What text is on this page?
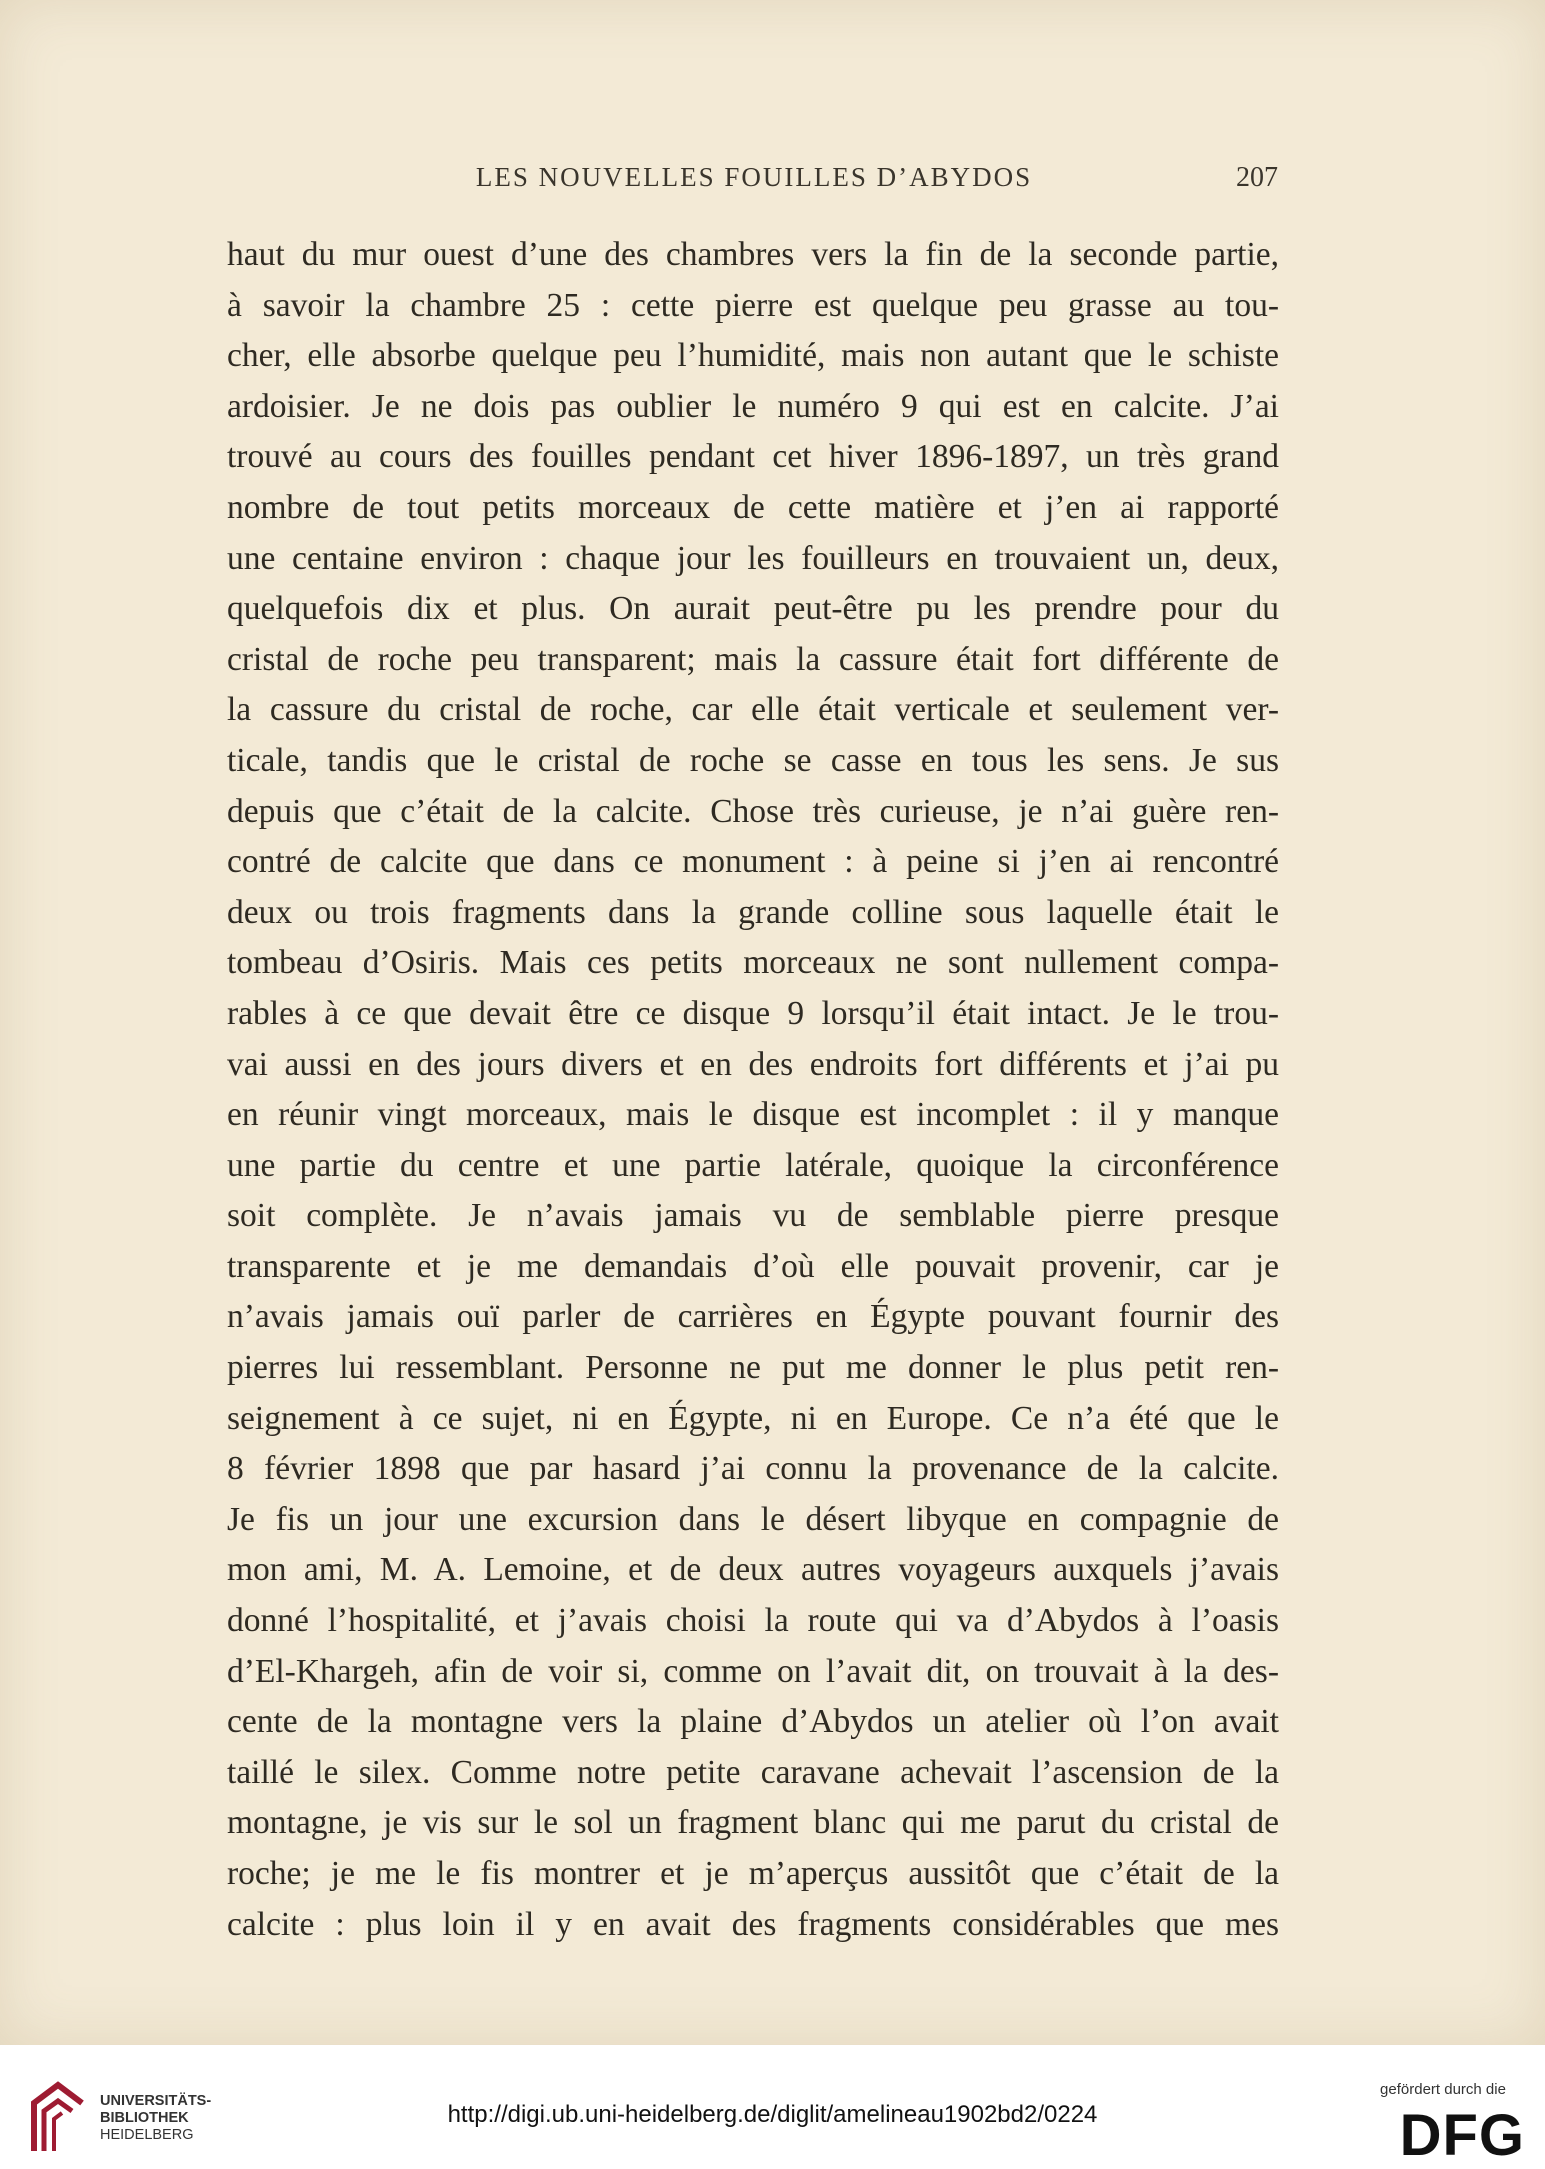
LES NOUVELLES FOUILLES D’ABYDOS	207
haut du mur ouest d’une des chambres vers la fin de la seconde partie,
à savoir la chambre 25 : cette pierre est quelque peu grasse au tou-
cher, elle absorbe quelque peu l’humidité, mais non autant que le schiste
ardoisier. Je ne dois pas oublier le numéro 9 qui est en calcite. J’ai
trouvé au cours des fouilles pendant cet hiver 1896-1897, un très grand
nombre de tout petits morceaux de cette matière et j’en ai rapporté
une centaine environ : chaque jour les fouilleurs en trouvaient un, deux,
quelquefois dix et plus. On aurait peut-être pu les prendre pour du
cristal de roche peu transparent; mais la cassure était fort différente de
la cassure du cristal de roche, car elle était verticale et seulement ver-
ticale, tandis que le cristal de roche se casse en tous les sens. Je sus
depuis que c’était de la calcite. Chose très curieuse, je n’ai guère ren-
contré de calcite que dans ce monument : à peine si j’en ai rencontré
deux ou trois fragments dans la grande colline sous laquelle était le
tombeau d’Osiris. Mais ces petits morceaux ne sont nullement compa-
rables à ce que devait être ce disque 9 lorsqu’il était intact. Je le trou-
vai aussi en des jours divers et en des endroits fort différents et j’ai pu
en réunir vingt morceaux, mais le disque est incomplet : il y manque
une partie du centre et une partie latérale, quoique la circonférence
soit complète. Je n’avais jamais vu de semblable pierre presque
transparente et je me demandais d’où elle pouvait provenir, car je
n’avais jamais ouï parler de carrières en Égypte pouvant fournir des
pierres lui ressemblant. Personne ne put me donner le plus petit ren-
seignement à ce sujet, ni en Égypte, ni en Europe. Ce n’a été que le
8 février 1898 que par hasard j’ai connu la provenance de la calcite.
Je fis un jour une excursion dans le désert libyque en compagnie de
mon ami, M. A. Lemoine, et de deux autres voyageurs auxquels j’avais
donné l’hospitalité, et j’avais choisi la route qui va d’Abydos à l’oasis
d’El-Khargeh, afin de voir si, comme on l’avait dit, on trouvait à la des-
cente de la montagne vers la plaine d’Abydos un atelier où l’on avait
taillé le silex. Comme notre petite caravane achevait l’ascension de la
montagne, je vis sur le sol un fragment blanc qui me parut du cristal de
roche; je me le fis montrer et je m’aperçus aussitôt que c’était de la
calcite : plus loin il y en avait des fragments considérables que mes
UNIVERSITÄTS-
BIBLIOTHEK
HEIDELBERG
http://digi.ub.uni-heidelberg.de/diglit/amelineau1902bd2/0224
gefördert durch die
DFG
